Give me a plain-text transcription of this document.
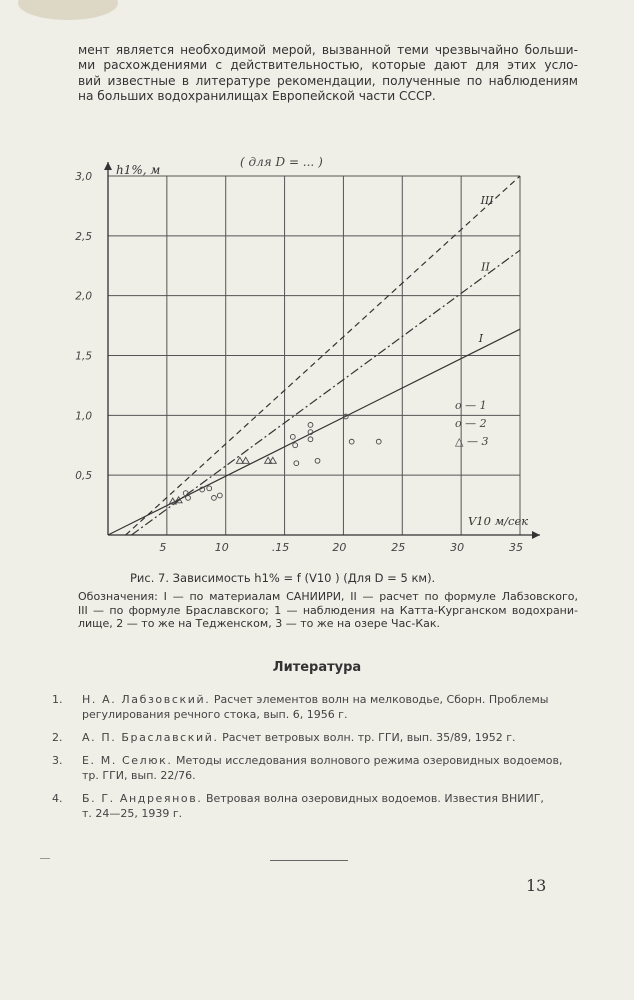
мент является необходимой мерой, вызванной теми чрезвычайно больши-
ми расхождениями с действительностью, которые дают для этих усло-
вий известные в литературе рекомендации, полученные по наблюдениям
на больших водохранилищах Европейской части СССР.
5	10	.15	20	25	30	35
0,5
1,0
1,5
2,0
2,5
3,0 h1%, м
V10 м/сек
( для D = ... )
I
II
III
о — 1
о — 2
△ — 3
Рис. 7. Зависимость h1% = f (V10 ) (Для D = 5 км).
Обозначения: I — по материалам САНИИРИ, II — расчет по формуле Лабзовского,
III — по формуле Браславского; 1 — наблюдения на Катта-Курганском водохрани-
лище, 2 — то же на Тедженском, 3 — то же на озере Час-Как.
Литература
1. Н. А. Лабзовский. Расчет элементов волн на мелководье, Сборн. Проблемы
регулирования речного стока, вып. 6, 1956 г.
2. А. П. Браславский. Расчет ветровых волн. тр. ГГИ, вып. 35/89, 1952 г.
3. Е. М. Селюк. Методы исследования волнового режима озеровидных водоемов,
тр. ГГИ, вып. 22/76.
4. Б. Г. Андреянов. Ветровая волна озеровидных водоемов. Известия ВНИИГ,
т. 24—25, 1939 г.
13
